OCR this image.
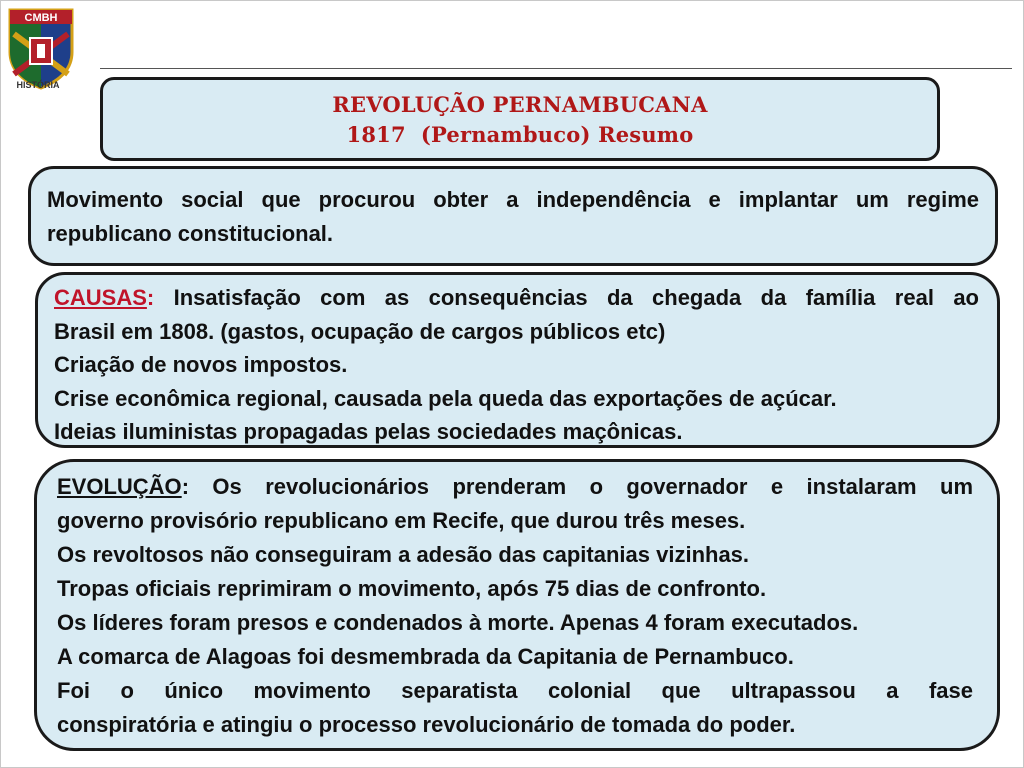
CMBH
HISTÓRIA
REVOLUÇÃO PERNAMBUCANA
1817  (Pernambuco) Resumo
Movimento social que procurou obter a independência e implantar um regime
republicano constitucional.
CAUSAS: Insatisfação com as consequências da chegada da família real ao
Brasil em 1808. (gastos, ocupação de cargos públicos etc)
Criação de novos impostos.
Crise econômica regional, causada pela queda das exportações de açúcar.
Ideias iluministas propagadas pelas sociedades maçônicas.
EVOLUÇÃO: Os revolucionários prenderam o governador e instalaram um
governo provisório republicano em Recife, que durou três meses.
Os revoltosos não conseguiram a adesão das capitanias vizinhas.
Tropas oficiais reprimiram o movimento, após 75 dias de confronto.
Os líderes foram presos e condenados à morte. Apenas 4 foram executados.
A comarca de Alagoas foi desmembrada da Capitania de Pernambuco.
Foi o único movimento separatista colonial que ultrapassou a fase
conspiratória e atingiu o processo revolucionário de tomada do poder.
